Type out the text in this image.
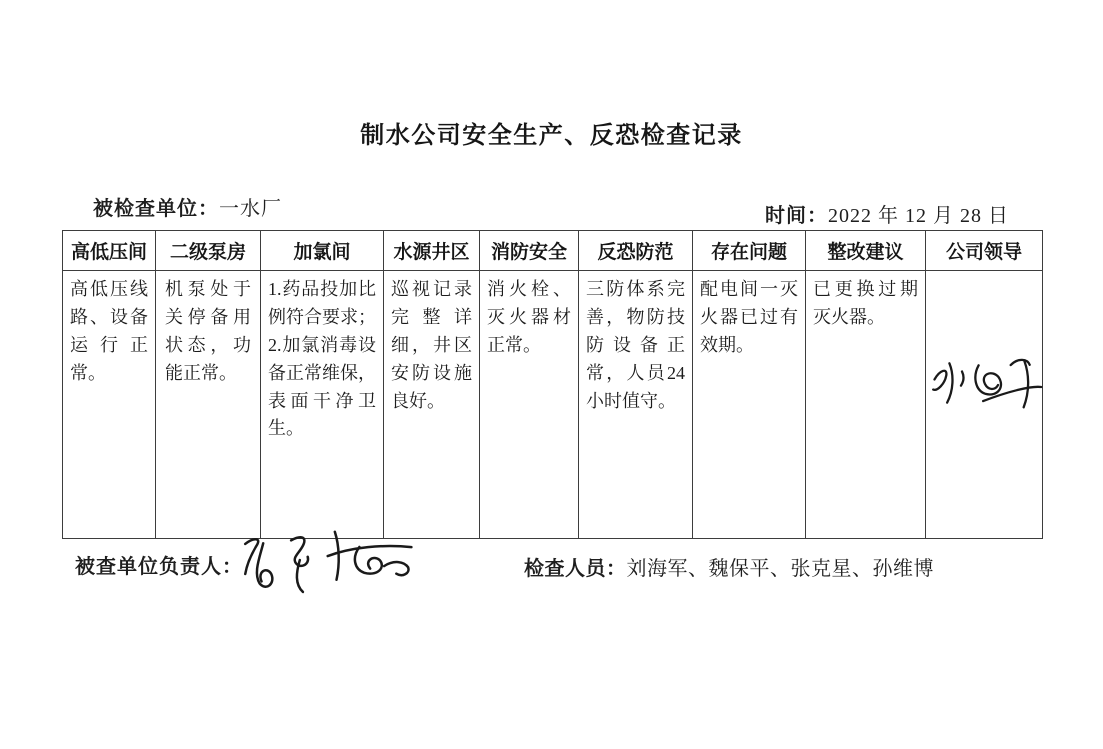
制水公司安全生产、反恐检查记录
被检查单位：一水厂	时间：2022 年 12 月 28 日
高低压间	二级泵房	加氯间	水源井区	消防安全	反恐防范	存在问题	整改建议	公司领导
高低压线路、设备运行正常。	机泵处于关停备用状态，功能正常。	1.药品投加比例符合要求；2.加氯消毒设备正常维保，表面干净卫生。	巡视记录完整详细，井区安防设施良好。	消火栓、灭火器材正常。	三防体系完善，物防技防设备正常，人员24小时值守。	配电间一灭火器已过有效期。	已更换过期灭火器。	
被查单位负责人：	检查人员：刘海军、魏保平、张克星、孙维博
